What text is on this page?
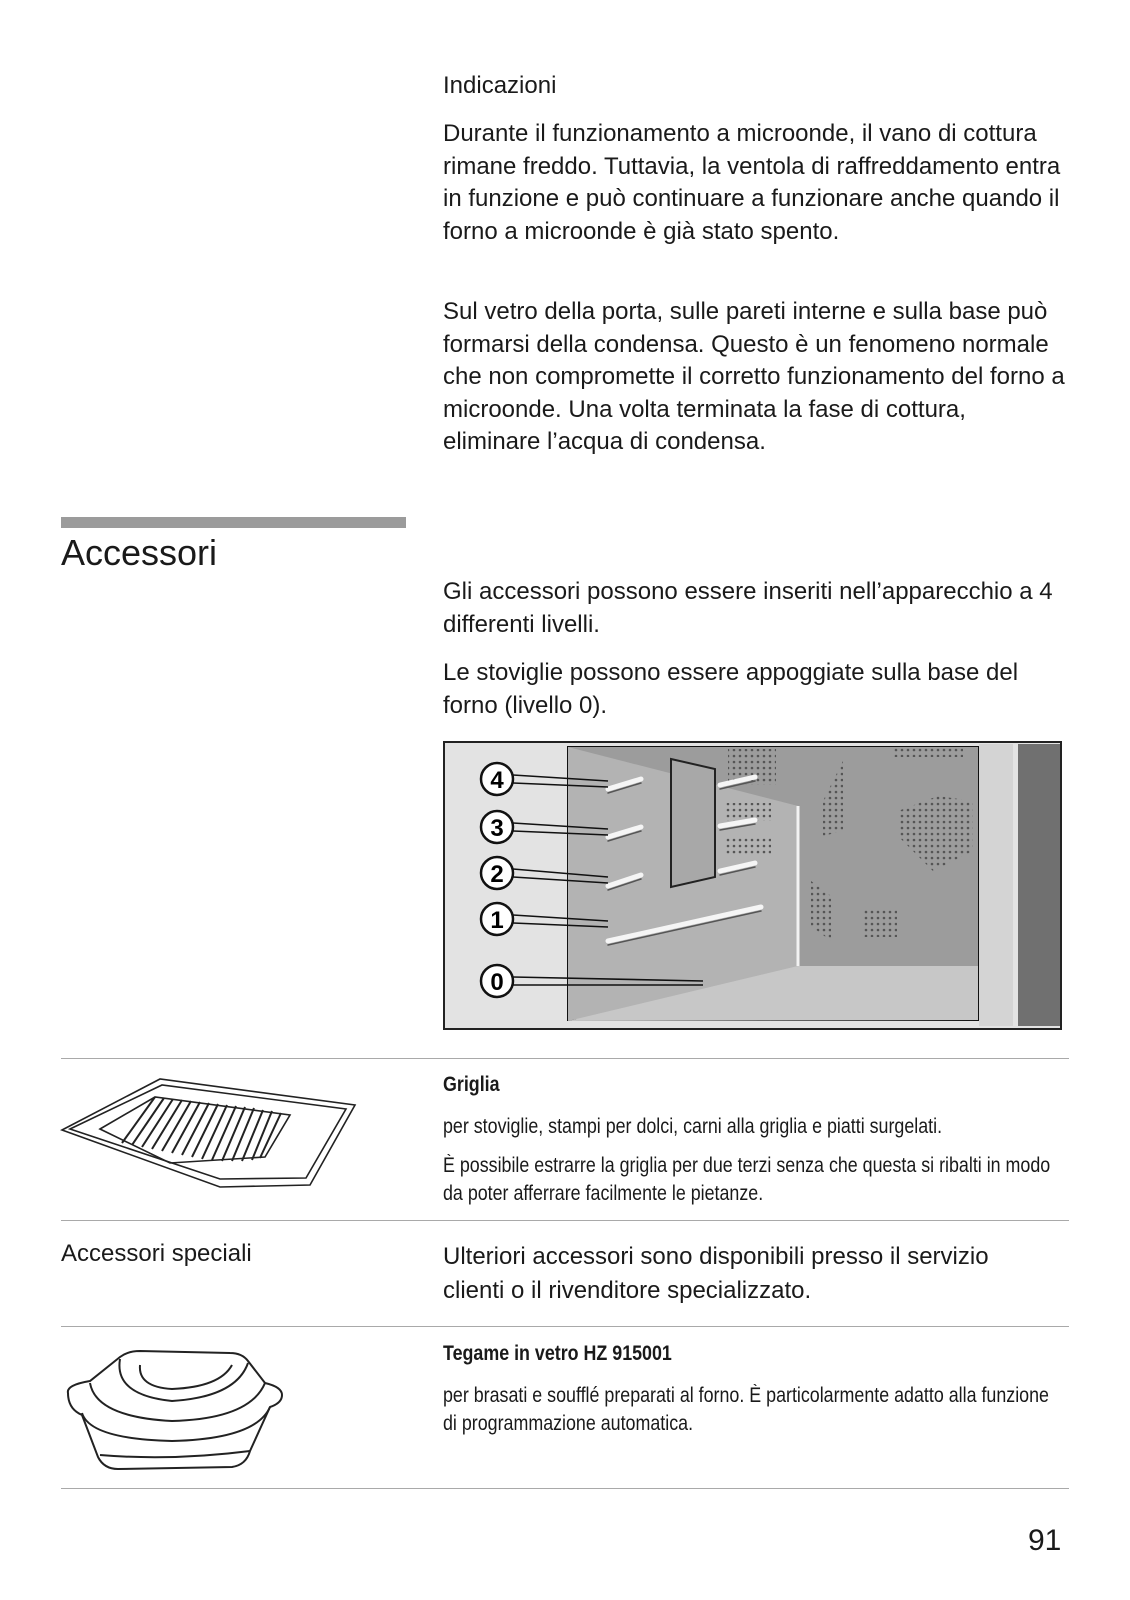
Indicazioni

Durante il funzionamento a microonde, il vano di cottura rimane freddo. Tuttavia, la ventola di raffreddamento entra in funzione e può continuare a funzionare anche quando il forno a microonde è già stato spento.

Sul vetro della porta, sulle pareti interne e sulla base può formarsi della condensa. Questo è un fenomeno normale che non compromette il corretto funzionamento del forno a microonde. Una volta terminata la fase di cottura, eliminare l’acqua di condensa.

Accessori

Gli accessori possono essere inseriti nell’apparecchio a 4 differenti livelli.

Le stoviglie possono essere appoggiate sulla base del forno (livello 0).

4
3
2
1
0
Griglia

per stoviglie, stampi per dolci, carni alla griglia e piatti surgelati.

È possibile estrarre la griglia per due terzi senza che questa si ribalti in modo da poter afferrare facilmente le pietanze.

Accessori speciali	Ulteriori accessori sono disponibili presso il servizio clienti o il rivenditore specializzato.

Tegame in vetro HZ 915001

per brasati e soufflé preparati al forno. È particolarmente adatto alla funzione di programmazione automatica.

91
